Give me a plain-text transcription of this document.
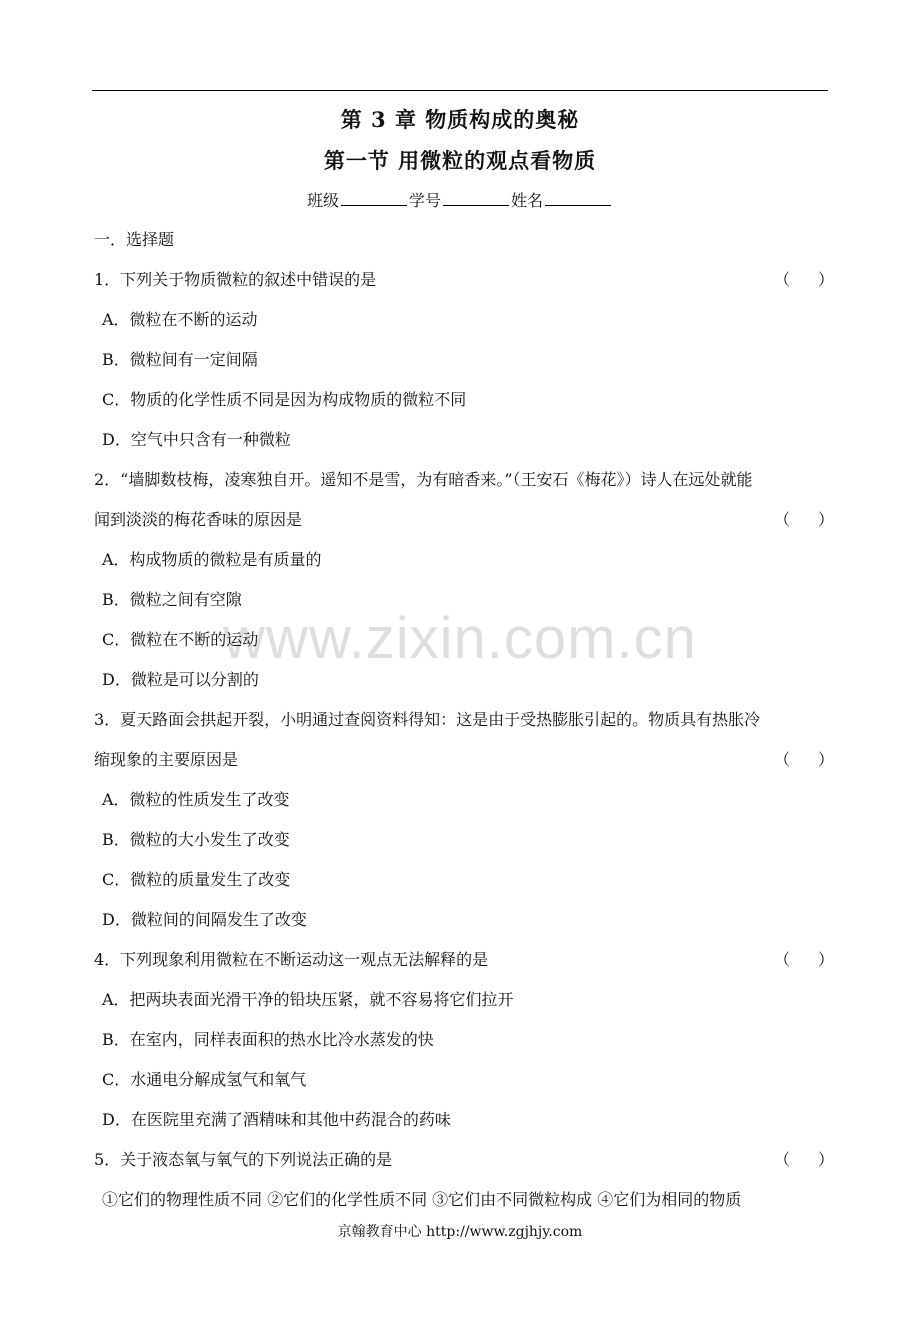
第 3 章 物质构成的奥秘
第一节 用微粒的观点看物质
班级	学号	姓名
www.zixin.com.cn
一．选择题
1．下列关于物质微粒的叙述中错误的是	（）
A．微粒在不断的运动
B．微粒间有一定间隔
C．物质的化学性质不同是因为构成物质的微粒不同
D．空气中只含有一种微粒
2．“墙脚数枝梅，凌寒独自开。遥知不是雪，为有暗香来。”（王安石《梅花》）诗人在远处就能
闻到淡淡的梅花香味的原因是	（）
A．构成物质的微粒是有质量的
B．微粒之间有空隙
C．微粒在不断的运动
D．微粒是可以分割的
3．夏天路面会拱起开裂，小明通过查阅资料得知：这是由于受热膨胀引起的。物质具有热胀冷
缩现象的主要原因是	（）
A．微粒的性质发生了改变
B．微粒的大小发生了改变
C．微粒的质量发生了改变
D．微粒间的间隔发生了改变
4．下列现象利用微粒在不断运动这一观点无法解释的是	（）
A．把两块表面光滑干净的铅块压紧，就不容易将它们拉开
B．在室内，同样表面积的热水比冷水蒸发的快
C．水通电分解成氢气和氧气
D．在医院里充满了酒精味和其他中药混合的药味
5．关于液态氧与氧气的下列说法正确的是	（）
①它们的物理性质不同 ②它们的化学性质不同 ③它们由不同微粒构成 ④它们为相同的物质
京翰教育中心 http://www.zgjhjy.com
